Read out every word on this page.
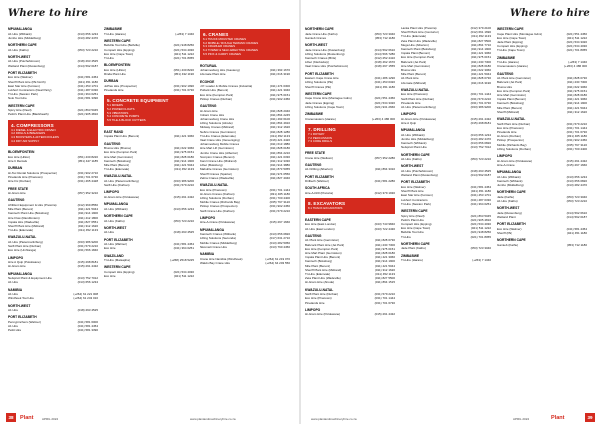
Where to hire
MPUMALANGA
A1 Hire (Witbank)	(013) 656 1234
Jumbo Hire (Middelburg)	(013) 282 4470
NORTHERN CAPE
A1 Hire (Kathu)	(053) 723 2210
NORTH-WEST
A1 Hire (Potchefstroom)	(018) 293 4525
Wetland Plant (Rustenburg)	(014) 592 0187
PORT ELIZABETH
Eco Hire (Walmer)	(041) 581 4454
Sheriff Plant Hire (PE North)	(041) 451 1180
East Star Hire (Korsten)	(041) 453 1701
Lukhozi Contractors (Deal Party)	(041) 487 0330
Tri-Hire (Newton Park)	(041) 364 0251
Nolo Tool Hire	(041) 581 3390
WESTERN CAPE
Spicy Hire (Paarl)	(021) 863 5045
Pettit's Plant Hire (Blackheath)	(021) 905 4810
4. COMPRESSORS
4.1 DIESEL & ELECTRIC DRIVEN
4.2 DRILLS & BREAKERS
4.3 BOOSTERS & AFTERCOOLERS
4.4 DRY AIR SUPPLY
BLOEMFONTEIN
Eco Hire (Hilton)	(051) 430 8220
Hire It Rentals	(051) 447 1185
DURBAN
Hi-Tec Rental Solutions (Prospecton)	(031) 902 2710
Pinelands Hire (Pinetown)	(031) 701 6730
Hire Fix (Durban)	(031) 465 4428
FREE STATE
Hi-Gram Hire	(057) 352 3210
GAUTENG
AfriRent Equipment & Hire (Pretoria)	(012) 369 8550
Mile Plant (Benoni)	(011) 421 5044
Kamtech Plant Hire (Boksburg)	(011) 914 1900
Hire Flow (Randfontein)	(011) 412 1800
Impala Hire (Wadeville)	(011) 827 6551
Sheriff Plant Hire (Midrand)	(011) 312 1620
Tri-Hire (Edenvale)	(011) 452 1133
KWAZULU-NATAL
A1 Hire (Pietermaritzburg)	(033) 386 9200
Swift Plant Hire (Durban)	(031) 579 2210
Eco Hire (Umhlanga)	(031) 566 1840
LIMPOPO
Hire A Quip (Polokwane)	(015) 298 8181
Hi-Gram Hire	(015) 291 4432
MPUMALANGA
Nelspruit Plant & Equipment Hire	(013) 752 7012
A1 Hire	(013) 656 1234
NAMIBIA
A1 Hire	(+264) 61 221 008
Windhoek Tool Hire	(+264) 61 243 010
NORTH-WEST
A1 Hire	(018) 293 4525
PORT ELIZABETH
Pennypinchers (Walmer)	(041) 581 6000
A1 Hire	(041) 581 4454
Pettit Hire	(041) 581 3390
ZIMBABWE
Tri-Hire (Harare)	(+263) 7 1340
WESTERN CAPE
Bellville Tool Hire (Bellville)	(021) 948 8250
Compact Hire (Epping)	(021) 534 4030
Eco Hire (Cape Town)	(021) 511 1222
Tri-Hire	(021) 701 8055
BLOEMFONTEIN
Eco Hire (Hilton)	(051) 430 8220
Rinda Plant Hire	(051) 432 1190
DURBAN
JoPlax Hire (Prospecton)	(031) 902 1990
Pinelands Hire	(031) 701 6730
5. CONCRETE EQUIPMENT
5.1 MIXERS
5.2 POWER FLOATS
5.3 VIBRATORS
5.4 CONCRETE PUMPS
5.5 TILE & BLOCK CUTTERS
EAST RAND
Impala Plant Hire (Benoni)	(011) 421 3060
GAUTENG
Bruma Hire (Bruma)	(011) 622 3060
Eco Hire (Kempton Park)	(011) 975 0151
Hire Mart (Germiston)	(011) 828 0180
Kamtech (Boksburg)	(011) 914 1900
Mile Plant (Benoni)	(011) 421 5044
Tri-Hire (Edenvale)	(011) 452 1133
KWAZULU-NATAL
A1 Hire (Pietermaritzburg)	(033) 386 9200
Swift Hire (Durban)	(031) 579 2210
LIMPOPO
Hi-Gram Hire (Polokwane)	(015) 291 4432
MPUMALANGA
A1 Hire (Witbank)	(013) 656 1234
NORTHERN CAPE
A1 Hire (Kathu)	(053) 723 2210
NORTH-WEST
A1 Hire	(018) 293 4525
PORT ELIZABETH
A1 Hire (Walmer)	(041) 581 4454
Eco Hire	(041) 364 0251
SWAZILAND
Tri-Hire (Matsapha)	(+268) 2518 5225
WESTERN CAPE
Compact Hire (Epping)	(021) 534 4030
Eco Hire	(021) 511 1222
6. CRANES
6.1 TRUCK MOUNTED CRANES
6.2 MOBILE / ROUGH TERRAIN CRANES
6.3 CRAWLER CRANES
6.4 TOWER & SELF-ERECTING CRANES
6.5 PICK & CARRY CRANES
ROTURAIL
Johannesburg Hire (Gauteng)	(011) 393 1670
Lifemate Plant Hire	(011) 616 3190
ECOHOE
J.P. Loader & Mobile Cranes (Industria)	(011) 474 0300
Pollock Hire (Benoni)	(011) 421 3040
Eco Hire (Kempton Park)	(011) 975 0151
Pickup Cranes (Durban)	(031) 902 4450
GAUTENG
Hi-Gram Hire	(011) 828 2040
Imbani Crane Hire	(011) 864 2245
Johannesburg Crane Hire	(011) 493 6100
Lifting Solutions (Alrode)	(011) 864 4910
Midway Cranes (Midrand)	(011) 312 1620
Neftco Cranes (Germiston)	(011) 828 1280
Tri-Hire Cranes (Edenvale)	(011) 452 1133
Vaal Crane Hire (Vereeniging)	(016) 421 4420
Johannesburg Mobile Cranes	(011) 613 1880
Hire Mart Lift (Germiston)	(011) 828 0180
Jumbo Crane Hire (Alberton)	(011) 864 2210
Scorpion Cranes (Benoni)	(011) 421 0330
Kanzi Crane Hire (Midrand)	(011) 312 3330
Liftec (Boksburg)	(011) 914 3880
Mabuhle Cranes (Germiston)	(011) 873 5055
Sheriff Cranes (Spartan)	(011) 974 0550
Zebra Cranes (Wadeville)	(011) 827 4040
KWAZULU-NATAL
Eco Hire (Pinetown)	(031) 701 1444
Hi-Gram Cranes (Durban)	(031) 465 1180
Lifting Solutions (Durban)	(031) 700 4400
Mobile Cranes (Richards Bay)	(035) 797 3120
Pickup Cranes (Prospecton)	(031) 902 4450
Swift Crane Hire (Durban)	(031) 579 2210
LIMPOPO
Hire-A-Crane (Polokwane)	(015) 297 1660
MPUMALANGA
Kamtech Cranes (Witbank)	(013) 656 0820
Lifting Solutions (Secunda)	(017) 631 2710
Mobile Cranes (Middelburg)	(013) 282 5050
Nkomazi Crane Hire	(013) 790 4450
NAMIBIA
Crane Hire Namibia (Windhoek)	(+264) 61 219 070
Walvis Bay Crane Hire	(+264) 64 203 550
38	Plant	APRIL 2024	www.plantandmachineryhire.co.za
Where to hire
NORTHERN CAPE
Jade Crane Hire (Kathu)	(053) 723 3040
Gamieb Cranes	(053) 712 1180
NORTH-WEST
Jade Crane Hire (Rustenburg)	(014) 592 6610
Lifting Solutions (Rustenburg)	(014) 596 7280
Kamtech Cranes (Brits)	(012) 252 4410
Liftec (Klerksdorp)	(018) 462 1670
Vaal Crane Hire (Potchefstroom)	(018) 297 1555
PORT ELIZABETH
Eastern Cape Crane Hire	(041) 486 1290
Lifting Solutions (PE)	(041) 453 0320
Sheriff Cranes (PE)	(041) 451 1180
WESTERN CAPE
Cape Crane Hire (Montague Gdns)	(021) 551 4450
Jade Cranes (Epping)	(021) 534 3320
Lifting Solutions (Cape Town)	(021) 931 2660
ZIMBABWE
Cranemasters (Harare)	(+263) 4 486 000
7. DRILLING
7.1 ROTARY
7.2 PERCUSSION
7.3 CORE DRILLS
FREE STATE
Crane Hire (Welkom)	(057) 352 2280
GAUTENG
A1 Drilling (Alberton)	(011) 864 3310
PORT ELIZABETH
Drilltech (Walmer)	(041) 581 2280
SOUTH AFRICA
Hire-A-Drill (Pretoria)	(012) 379 1930
8. EXCAVATORS
8.1 TRACK EXCAVATORS
EASTERN CAPE
Eco Hire (East London)	(043) 743 9840
A1 Hire (East London)	(043) 722 4430
GAUTENG
A1 Plant Hire (Germiston)	(011) 828 0730
Babcock Plant Hire (Jet Park)	(011) 230 7300
Eco Hire (Kempton Park)	(011) 975 0151
Hire Mart Plant (Germiston)	(011) 828 0180
Impala Plant Hire (Benoni)	(011) 421 3060
Kamtech (Boksburg)	(011) 914 1900
Mile Plant (Benoni)	(011) 421 5044
Sheriff Plant Hire (Midrand)	(011) 312 1620
Tri-Hire (Edenvale)	(011) 452 1133
Zeta Plant Hire (Wadeville)	(011) 827 5500
Hi-Gram Hire (Alrode)	(011) 864 1515
KWAZULU-NATAL
Swift Plant Hire (Durban)	(031) 579 2210
Eco Hire (Pinetown)	(031) 701 1444
Pinelands Hire	(031) 701 6730
LIMPOPO
Hi-Gram Hire (Polokwane)	(015) 291 4432
Lanka Plant Hire (Pretoria)	(012) 379 2100
Sheriff Plant Hire (Centurion)	(012) 661 1690
Tri-Hire (Edenvale)	(011) 452 1133
Zeta Plant Hire (Wadeville)	(011) 827 5500
Mega Hire (Alberton)	(011) 864 7710
Kamtech Plant (Boksburg)	(011) 914 1900
Impala Plant (Benoni)	(011) 421 3060
Eco Hire (Kempton Park)	(011) 975 0151
Babcock (Jet Park)	(011) 230 7300
Hire Mart (Germiston)	(011) 828 0180
Bruma Hire	(011) 622 3060
Mile Plant (Benoni)	(011) 421 5044
A1 Plant Hire	(011) 828 0730
Lifemate (Midrand)	(011) 616 3190
KWAZULU-NATAL
Eco Hire (Pinetown)	(031) 701 1444
Swift Plant Hire (Durban)	(031) 579 2210
Pinelands Hire	(031) 701 6730
A1 Hire (Pietermaritzburg)	(033) 386 9200
LIMPOPO
Hi-Gram Hire (Polokwane)	(015) 291 4432
Hire A Quip	(015) 298 8181
MPUMALANGA
A1 Hire (Witbank)	(013) 656 1234
Jumbo Hire (Middelburg)	(013) 282 4470
Kamtech (Witbank)	(013) 656 0820
Nelspruit Plant Hire	(013) 752 7012
NORTHERN CAPE
A1 Hire (Kathu)	(053) 723 2210
NORTH-WEST
A1 Hire (Potchefstroom)	(018) 293 4525
Wetland Plant (Rustenburg)	(014) 592 0187
PORT ELIZABETH
Eco Hire (Walmer)	(041) 581 4454
Sheriff Plant Hire	(041) 451 1180
East Star Hire (Korsten)	(041) 453 1701
Lukhozi Contractors	(041) 487 0330
Tri-Hire (Newton Park)	(041) 364 0251
WESTERN CAPE
Spicy Hire (Paarl)	(021) 863 5045
Pettit's Plant Hire	(021) 905 4810
Compact Hire (Epping)	(021) 534 4030
Eco Hire (Cape Town)	(021) 511 1222
Bellville Tool Hire	(021) 948 8250
Tri-Hire	(021) 701 8055
NORTHERN CAPE
Jade Plant (Kathu)	(053) 723 3040
ZIMBABWE
Tri-Hire (Harare)	(+263) 7 1340
WESTERN CAPE
Cape Plant Hire (Montague Gdns)	(021) 551 4450
Eco Hire (Cape Town)	(021) 511 1222
Jade Plant (Epping)	(021) 534 3320
Compact Hire (Epping)	(021) 534 4030
Tri-Hire (Cape Town)	(021) 701 8055
ZIMBABWE
Tri-Hire (Harare)	(+263) 7 1340
Cranemasters (Harare)	(+263) 4 486 000
GAUTENG
A1 Plant Hire (Germiston)	(011) 828 0730
Babcock (Jet Park)	(011) 230 7300
Bruma Hire	(011) 622 3060
Eco Hire (Kempton Park)	(011) 975 0151
Hire Mart (Germiston)	(011) 828 0180
Impala Plant (Benoni)	(011) 421 3060
Kamtech (Boksburg)	(011) 914 1900
Mile Plant (Benoni)	(011) 421 5044
Sheriff (Midrand)	(011) 312 1620
KWAZULU-NATAL
Swift Plant Hire (Durban)	(031) 579 2210
Eco Hire (Pinetown)	(031) 701 1444
Pinelands Hire	(031) 701 6730
Hi-Gram (Durban)	(031) 465 1180
Pickup (Prospecton)	(031) 902 4450
Mobile (Richards Bay)	(035) 797 3120
Lifting Solutions (Durban)	(031) 700 4400
LIMPOPO
Hi-Gram Hire (Polokwane)	(015) 291 4432
Hire-A-Crane	(015) 297 1660
MPUMALANGA
A1 Hire (Witbank)	(013) 656 1234
Kamtech (Witbank)	(013) 656 0820
Jumbo (Middelburg)	(013) 282 4470
NORTHERN CAPE
Jade (Kathu)	(053) 723 3040
A1 Hire (Kathu)	(053) 723 2210
NORTH-WEST
Jade (Rustenburg)	(014) 592 6610
Wetland Plant	(014) 592 0187
PORT ELIZABETH
Eco Hire (Walmer)	(041) 581 4454
Sheriff (PE)	(041) 451 1180
NORTHERN CAPE
Gamieb (Kathu)	(053) 712 1180
www.plantandmachineryhire.co.za	APRIL 2024	Plant	39
